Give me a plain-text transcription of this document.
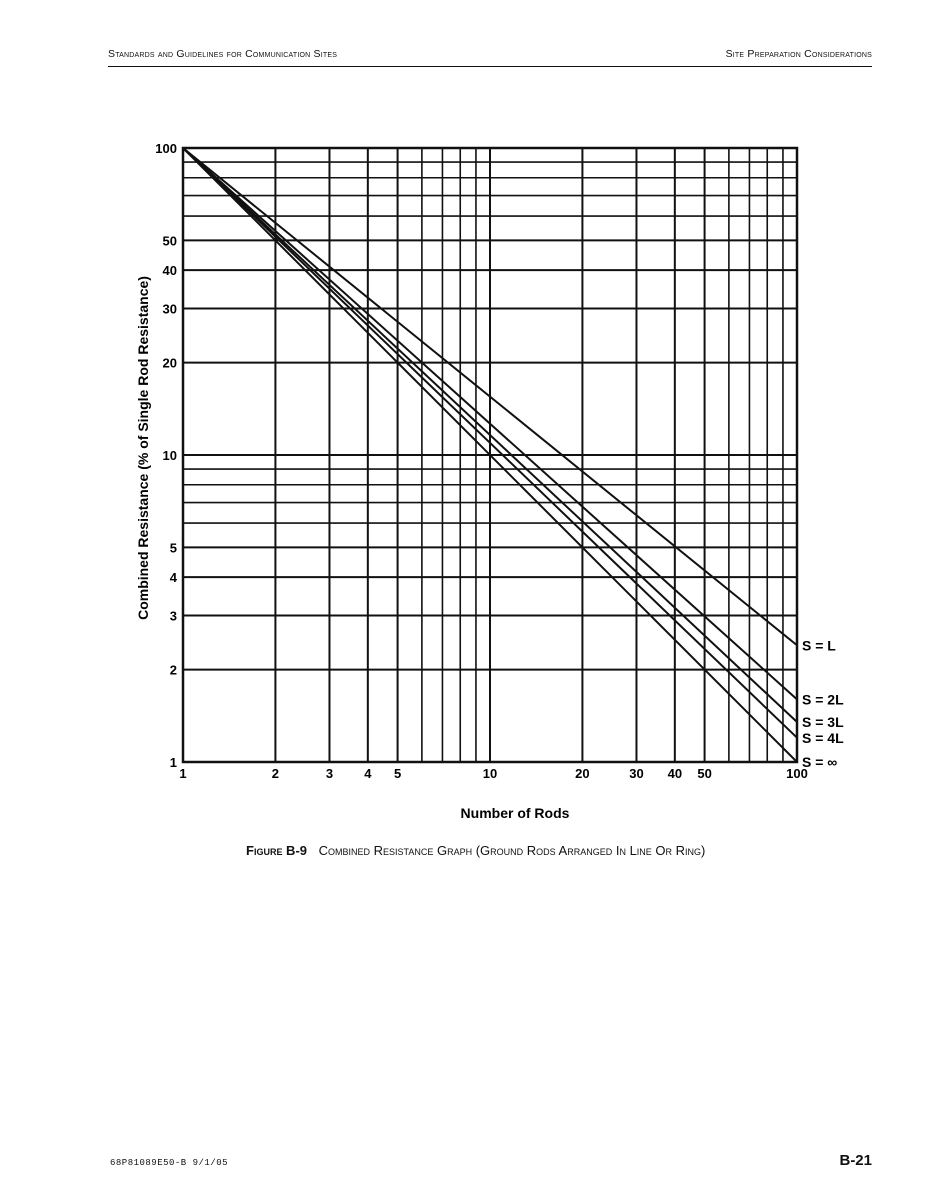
Standards and Guidelines for Communication Sites	Site Preparation Considerations
S = L
S = 2L
S = 3L
S = 4L
S = ∞
1	2	3 4 5	10	20	30 40 50	100
1
2
3
4
5
10
20
30
40
50
100
Number of Rods
Combined Resistance (% of Single Rod Resistance)
Figure B-9 Combined Resistance Graph (Ground Rods Arranged In Line Or Ring)
68P81089E50-B 9/1/05	B-21
